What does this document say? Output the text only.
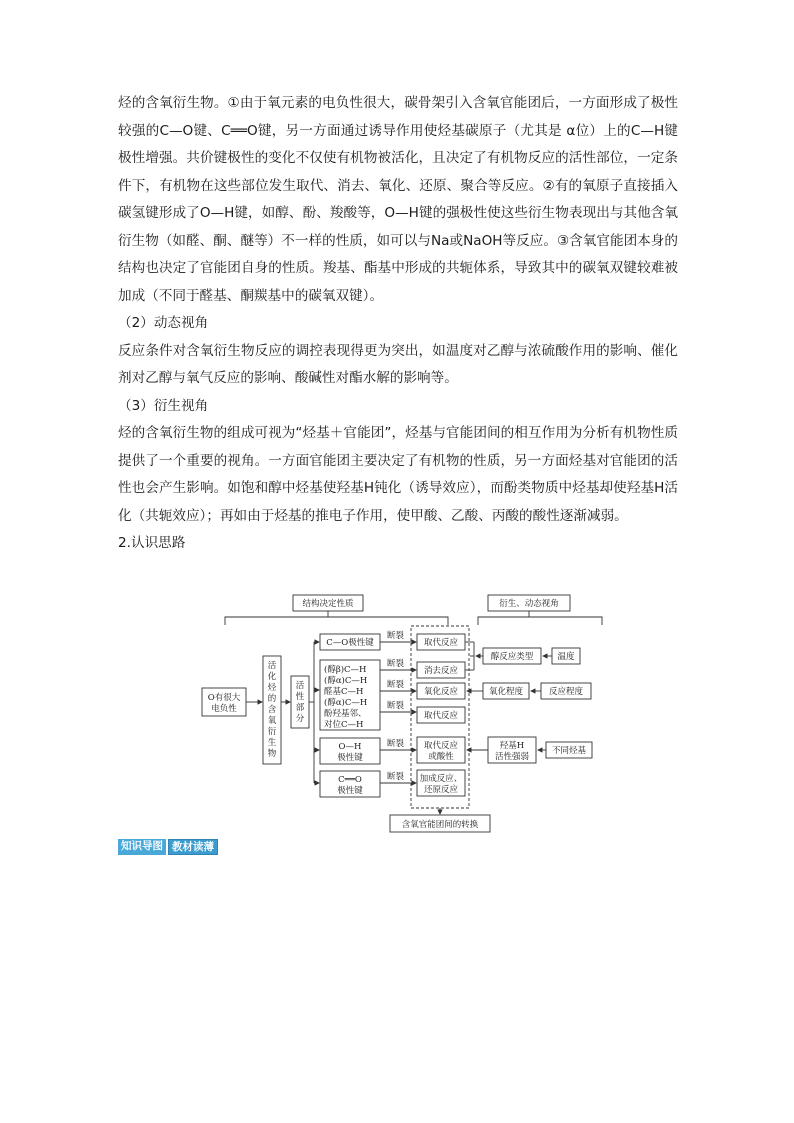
烃的含氧衍生物。①由于氧元素的电负性很大，碳骨架引入含氧官能团后，一方面形成了极性较强的C—O键、C══O键，另一方面通过诱导作用使烃基碳原子（尤其是 α位）上的C—H键极性增强。共价键极性的变化不仅使有机物被活化，且决定了有机物反应的活性部位，一定条件下，有机物在这些部位发生取代、消去、氧化、还原、聚合等反应。②有的氧原子直接插入碳氢键形成了O—H键，如醇、酚、羧酸等，O—H键的强极性使这些衍生物表现出与其他含氧衍生物（如醛、酮、醚等）不一样的性质，如可以与Na或NaOH等反应。③含氧官能团本身的结构也决定了官能团自身的性质。羧基、酯基中形成的共轭体系，导致其中的碳氧双键较难被加成（不同于醛基、酮羰基中的碳氧双键）。

（2）动态视角

反应条件对含氧衍生物反应的调控表现得更为突出，如温度对乙醇与浓硫酸作用的影响、催化剂对乙醇与氧气反应的影响、酸碱性对酯水解的影响等。

（3）衍生视角

烃的含氧衍生物的组成可视为“烃基＋官能团”，烃基与官能团间的相互作用为分析有机物性质提供了一个重要的视角。一方面官能团主要决定了有机物的性质，另一方面烃基对官能团的活性也会产生影响。如饱和醇中烃基使羟基H钝化（诱导效应），而酚类物质中烃基却使羟基H活化（共轭效应）；再如由于烃基的推电子作用，使甲酸、乙酸、丙酸的酸性逐渐减弱。

2.认识思路

结构决定性质	衍生、动态视角
O有很大
电负性
活
化
烃
的
含
氧
衍
生
物
活
性
部
分
C—O极性键
(醇β)C—H
(醇α)C—H
醛基C—H
(醇α)C—H
酚羟基邻、
对位C—H
O—H
极性键
C══O
极性键
断裂
断裂
断裂
断裂
断裂
断裂
取代反应
消去反应
氧化反应
取代反应
取代反应
或酸性
加成反应、
还原反应
醇反应类型	温度
氧化程度	反应程度
羟基H
活性强弱
不同烃基
含氧官能团间的转换
知识导图 教材读薄
